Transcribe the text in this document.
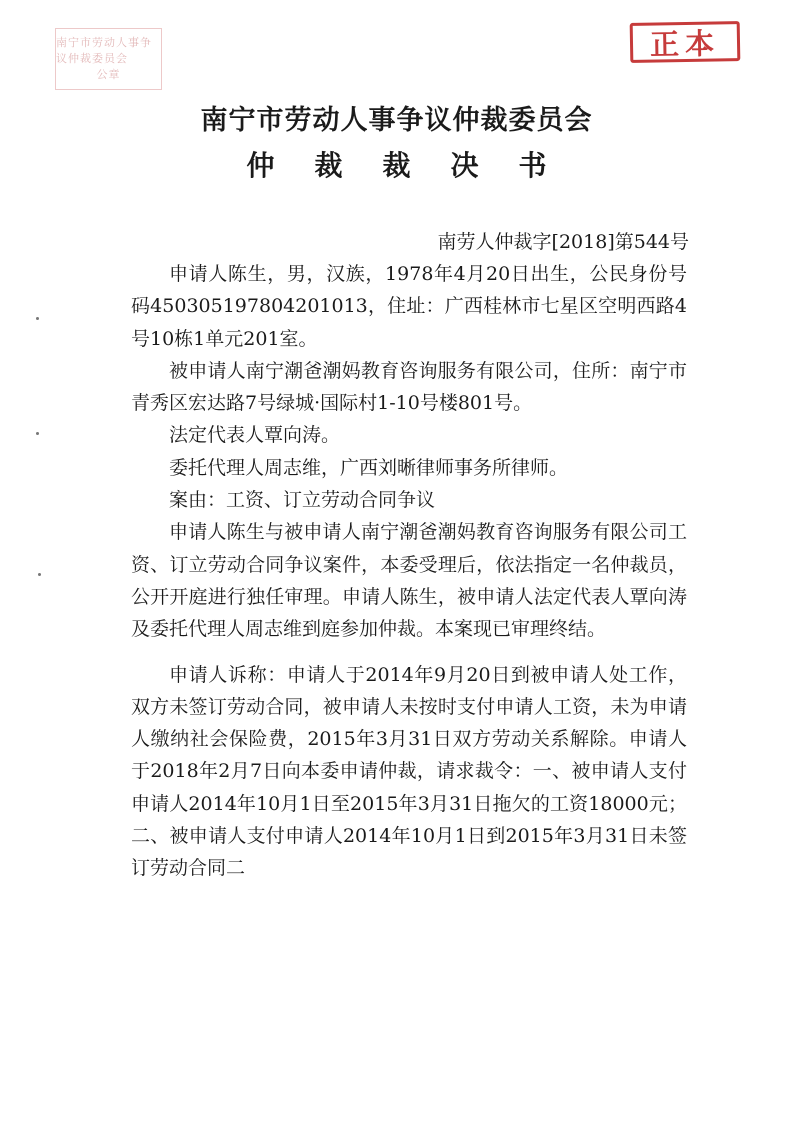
南宁市劳动人事争议仲裁委员会
公章
正本
南宁市劳动人事争议仲裁委员会
仲裁裁决书
南劳人仲裁字[2018]第544号

申请人陈生，男，汉族，1978年4月20日出生，公民身份号码450305197804201013，住址：广西桂林市七星区空明西路4号10栋1单元201室。

被申请人南宁潮爸潮妈教育咨询服务有限公司，住所：南宁市青秀区宏达路7号绿城·国际村1-10号楼801号。

法定代表人覃向涛。

委托代理人周志维，广西刘晰律师事务所律师。

案由：工资、订立劳动合同争议

申请人陈生与被申请人南宁潮爸潮妈教育咨询服务有限公司工资、订立劳动合同争议案件，本委受理后，依法指定一名仲裁员，公开开庭进行独任审理。申请人陈生，被申请人法定代表人覃向涛及委托代理人周志维到庭参加仲裁。本案现已审理终结。

申请人诉称：申请人于2014年9月20日到被申请人处工作，双方未签订劳动合同，被申请人未按时支付申请人工资，未为申请人缴纳社会保险费，2015年3月31日双方劳动关系解除。申请人于2018年2月7日向本委申请仲裁，请求裁令：一、被申请人支付申请人2014年10月1日至2015年3月31日拖欠的工资18000元；二、被申请人支付申请人2014年10月1日到2015年3月31日未签订劳动合同二
